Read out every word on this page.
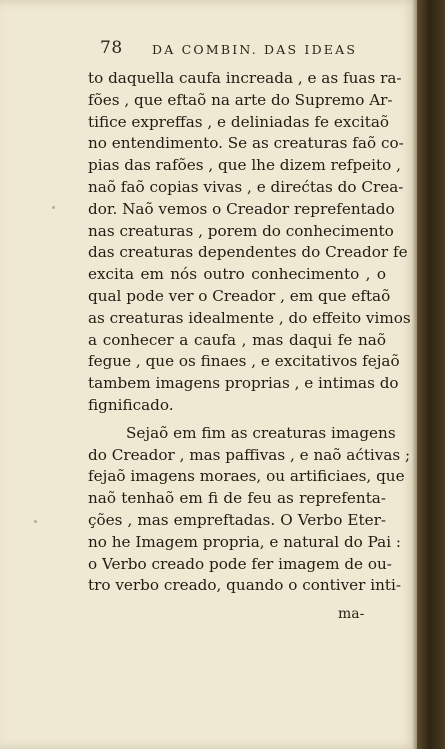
78 DA COMBIN. DAS IDEAS
to daquella caufa increada , e as fuas ra-
fões , que eftaõ na arte do Supremo Ar-
tifice expreffas , e deliniadas fe excitaõ
no entendimento. Se as creaturas faõ co-
pias das rafões , que lhe dizem refpeito ,
naõ faõ copias vivas , e direćtas do Crea-
dor. Naõ vemos o Creador reprefentado
nas creaturas , porem do conhecimento
das creaturas dependentes do Creador fe
excita em nós outro conhecimento , o
qual pode ver o Creador , em que eftaõ
as creaturas idealmente , do effeito vimos
a conhecer a caufa , mas daqui fe naõ
fegue , que os finaes , e excitativos fejaõ
tambem imagens proprias , e intimas do
fignificado.
Sejaõ em fim as creaturas imagens
do Creador , mas paffivas , e naõ aćtivas ;
fejaõ imagens moraes, ou artificiaes, que
naõ tenhaõ em fi de feu as reprefenta-
ções , mas empreftadas. O Verbo Eter-
no he Imagem propria, e natural do Pai :
o Verbo creado pode fer imagem de ou-
tro verbo creado, quando o contiver inti-
ma-
